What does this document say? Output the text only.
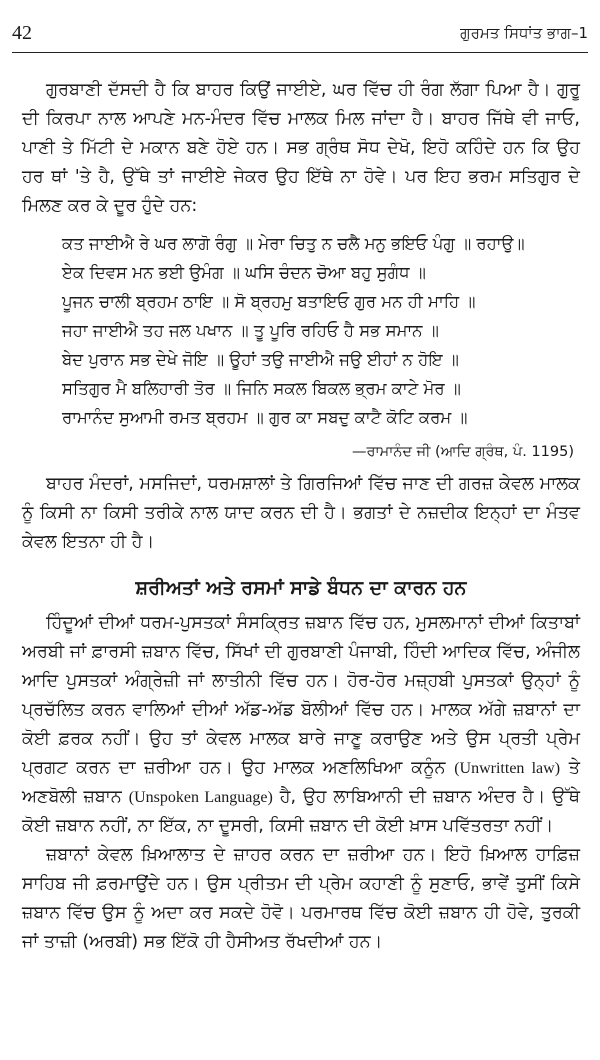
42	ਗੁਰਮਤ ਸਿਧਾਂਤ ਭਾਗ–1

ਗੁਰਬਾਣੀ ਦੱਸਦੀ ਹੈ ਕਿ ਬਾਹਰ ਕਿਉਂ ਜਾਈਏ, ਘਰ ਵਿੱਚ ਹੀ ਰੰਗ ਲੱਗਾ ਪਿਆ ਹੈ। ਗੁਰੂ ਦੀ ਕਿਰਪਾ ਨਾਲ ਆਪਣੇ ਮਨ-ਮੰਦਰ ਵਿੱਚ ਮਾਲਕ ਮਿਲ ਜਾਂਦਾ ਹੈ। ਬਾਹਰ ਜਿੱਥੇ ਵੀ ਜਾਓ, ਪਾਣੀ ਤੇ ਮਿੱਟੀ ਦੇ ਮਕਾਨ ਬਣੇ ਹੋਏ ਹਨ। ਸਭ ਗ੍ਰੰਥ ਸੋਧ ਦੇਖੋ, ਇਹੋ ਕਹਿੰਦੇ ਹਨ ਕਿ ਉਹ ਹਰ ਥਾਂ 'ਤੇ ਹੈ, ਉੱਥੇ ਤਾਂ ਜਾਈਏ ਜੇਕਰ ਉਹ ਇੱਥੇ ਨਾ ਹੋਵੇ। ਪਰ ਇਹ ਭਰਮ ਸਤਿਗੁਰ ਦੇ ਮਿਲਣ ਕਰ ਕੇ ਦੂਰ ਹੁੰਦੇ ਹਨ:

ਕਤ ਜਾਈਐ ਰੇ ਘਰ ਲਾਗੋ ਰੰਗੁ ॥ ਮੇਰਾ ਚਿਤੁ ਨ ਚਲੈ ਮਨੁ ਭਇਓ ਪੰਗੁ ॥ ਰਹਾਉ॥
ਏਕ ਦਿਵਸ ਮਨ ਭਈ ਉਮੰਗ ॥ ਘਸਿ ਚੰਦਨ ਚੋਆ ਬਹੁ ਸੁਗੰਧ ॥
ਪੂਜਨ ਚਾਲੀ ਬ੍ਰਹਮ ਠਾਇ ॥ ਸੋ ਬ੍ਰਹਮੁ ਬਤਾਇਓ ਗੁਰ ਮਨ ਹੀ ਮਾਹਿ ॥
ਜਹਾ ਜਾਈਐ ਤਹ ਜਲ ਪਖਾਨ ॥ ਤੂ ਪੂਰਿ ਰਹਿਓ ਹੈ ਸਭ ਸਮਾਨ ॥
ਬੇਦ ਪੁਰਾਨ ਸਭ ਦੇਖੇ ਜੋਇ ॥ ਊਹਾਂ ਤਉ ਜਾਈਐ ਜਉ ਈਹਾਂ ਨ ਹੋਇ ॥
ਸਤਿਗੁਰ ਮੈ ਬਲਿਹਾਰੀ ਤੋਰ ॥ ਜਿਨਿ ਸਕਲ ਬਿਕਲ ਭ੍ਰਮ ਕਾਟੇ ਮੋਰ ॥
ਰਾਮਾਨੰਦ ਸੁਆਮੀ ਰਮਤ ਬ੍ਰਹਮ ॥ ਗੁਰ ਕਾ ਸਬਦੁ ਕਾਟੈ ਕੋਟਿ ਕਰਮ ॥
—ਰਾਮਾਨੰਦ ਜੀ (ਆਦਿ ਗ੍ਰੰਥ, ਪੰ. 1195)

ਬਾਹਰ ਮੰਦਰਾਂ, ਮਸਜਿਦਾਂ, ਧਰਮਸ਼ਾਲਾਂ ਤੇ ਗਿਰਜਿਆਂ ਵਿੱਚ ਜਾਣ ਦੀ ਗਰਜ਼ ਕੇਵਲ ਮਾਲਕ ਨੂੰ ਕਿਸੀ ਨਾ ਕਿਸੀ ਤਰੀਕੇ ਨਾਲ ਯਾਦ ਕਰਨ ਦੀ ਹੈ। ਭਗਤਾਂ ਦੇ ਨਜ਼ਦੀਕ ਇਨ੍ਹਾਂ ਦਾ ਮੰਤਵ ਕੇਵਲ ਇਤਨਾ ਹੀ ਹੈ।

ਸ਼ਰੀਅਤਾਂ ਅਤੇ ਰਸਮਾਂ ਸਾਡੇ ਬੰਧਨ ਦਾ ਕਾਰਨ ਹਨ

ਹਿੰਦੂਆਂ ਦੀਆਂ ਧਰਮ-ਪੁਸਤਕਾਂ ਸੰਸਕ੍ਰਿਤ ਜ਼ਬਾਨ ਵਿੱਚ ਹਨ, ਮੁਸਲਮਾਨਾਂ ਦੀਆਂ ਕਿਤਾਬਾਂ ਅਰਬੀ ਜਾਂ ਫ਼ਾਰਸੀ ਜ਼ਬਾਨ ਵਿੱਚ, ਸਿੱਖਾਂ ਦੀ ਗੁਰਬਾਣੀ ਪੰਜਾਬੀ, ਹਿੰਦੀ ਆਦਿਕ ਵਿੱਚ, ਅੰਜੀਲ ਆਦਿ ਪੁਸਤਕਾਂ ਅੰਗ੍ਰੇਜ਼ੀ ਜਾਂ ਲਾਤੀਨੀ ਵਿੱਚ ਹਨ। ਹੋਰ-ਹੋਰ ਮਜ਼੍ਹਬੀ ਪੁਸਤਕਾਂ ਉਨ੍ਹਾਂ ਨੂੰ ਪ੍ਰਚੱਲਿਤ ਕਰਨ ਵਾਲਿਆਂ ਦੀਆਂ ਅੱਡ-ਅੱਡ ਬੋਲੀਆਂ ਵਿੱਚ ਹਨ। ਮਾਲਕ ਅੱਗੇ ਜ਼ਬਾਨਾਂ ਦਾ ਕੋਈ ਫ਼ਰਕ ਨਹੀਂ। ਉਹ ਤਾਂ ਕੇਵਲ ਮਾਲਕ ਬਾਰੇ ਜਾਣੂ ਕਰਾਉਣ ਅਤੇ ਉਸ ਪ੍ਰਤੀ ਪ੍ਰੇਮ ਪ੍ਰਗਟ ਕਰਨ ਦਾ ਜ਼ਰੀਆ ਹਨ। ਉਹ ਮਾਲਕ ਅਣਲਿਖਿਆ ਕਨੂੰਨ (Unwritten law) ਤੇ ਅਣਬੋਲੀ ਜ਼ਬਾਨ (Unspoken Language) ਹੈ, ਉਹ ਲਾਬਿਆਨੀ ਦੀ ਜ਼ਬਾਨ ਅੰਦਰ ਹੈ। ਉੱਥੇ ਕੋਈ ਜ਼ਬਾਨ ਨਹੀਂ, ਨਾ ਇੱਕ, ਨਾ ਦੂਸਰੀ, ਕਿਸੀ ਜ਼ਬਾਨ ਦੀ ਕੋਈ ਖ਼ਾਸ ਪਵਿੱਤਰਤਾ ਨਹੀਂ।

ਜ਼ਬਾਨਾਂ ਕੇਵਲ ਖ਼ਿਆਲਾਤ ਦੇ ਜ਼ਾਹਰ ਕਰਨ ਦਾ ਜ਼ਰੀਆ ਹਨ। ਇਹੋ ਖ਼ਿਆਲ ਹਾਫ਼ਿਜ਼ ਸਾਹਿਬ ਜੀ ਫ਼ਰਮਾਉਂਦੇ ਹਨ। ਉਸ ਪ੍ਰੀਤਮ ਦੀ ਪ੍ਰੇਮ ਕਹਾਣੀ ਨੂੰ ਸੁਣਾਓ, ਭਾਵੇਂ ਤੁਸੀਂ ਕਿਸੇ ਜ਼ਬਾਨ ਵਿੱਚ ਉਸ ਨੂੰ ਅਦਾ ਕਰ ਸਕਦੇ ਹੋਵੋ। ਪਰਮਾਰਥ ਵਿੱਚ ਕੋਈ ਜ਼ਬਾਨ ਹੀ ਹੋਵੇ, ਤੁਰਕੀ ਜਾਂ ਤਾਜ਼ੀ (ਅਰਬੀ) ਸਭ ਇੱਕੋ ਹੀ ਹੈਸੀਅਤ ਰੱਖਦੀਆਂ ਹਨ।
